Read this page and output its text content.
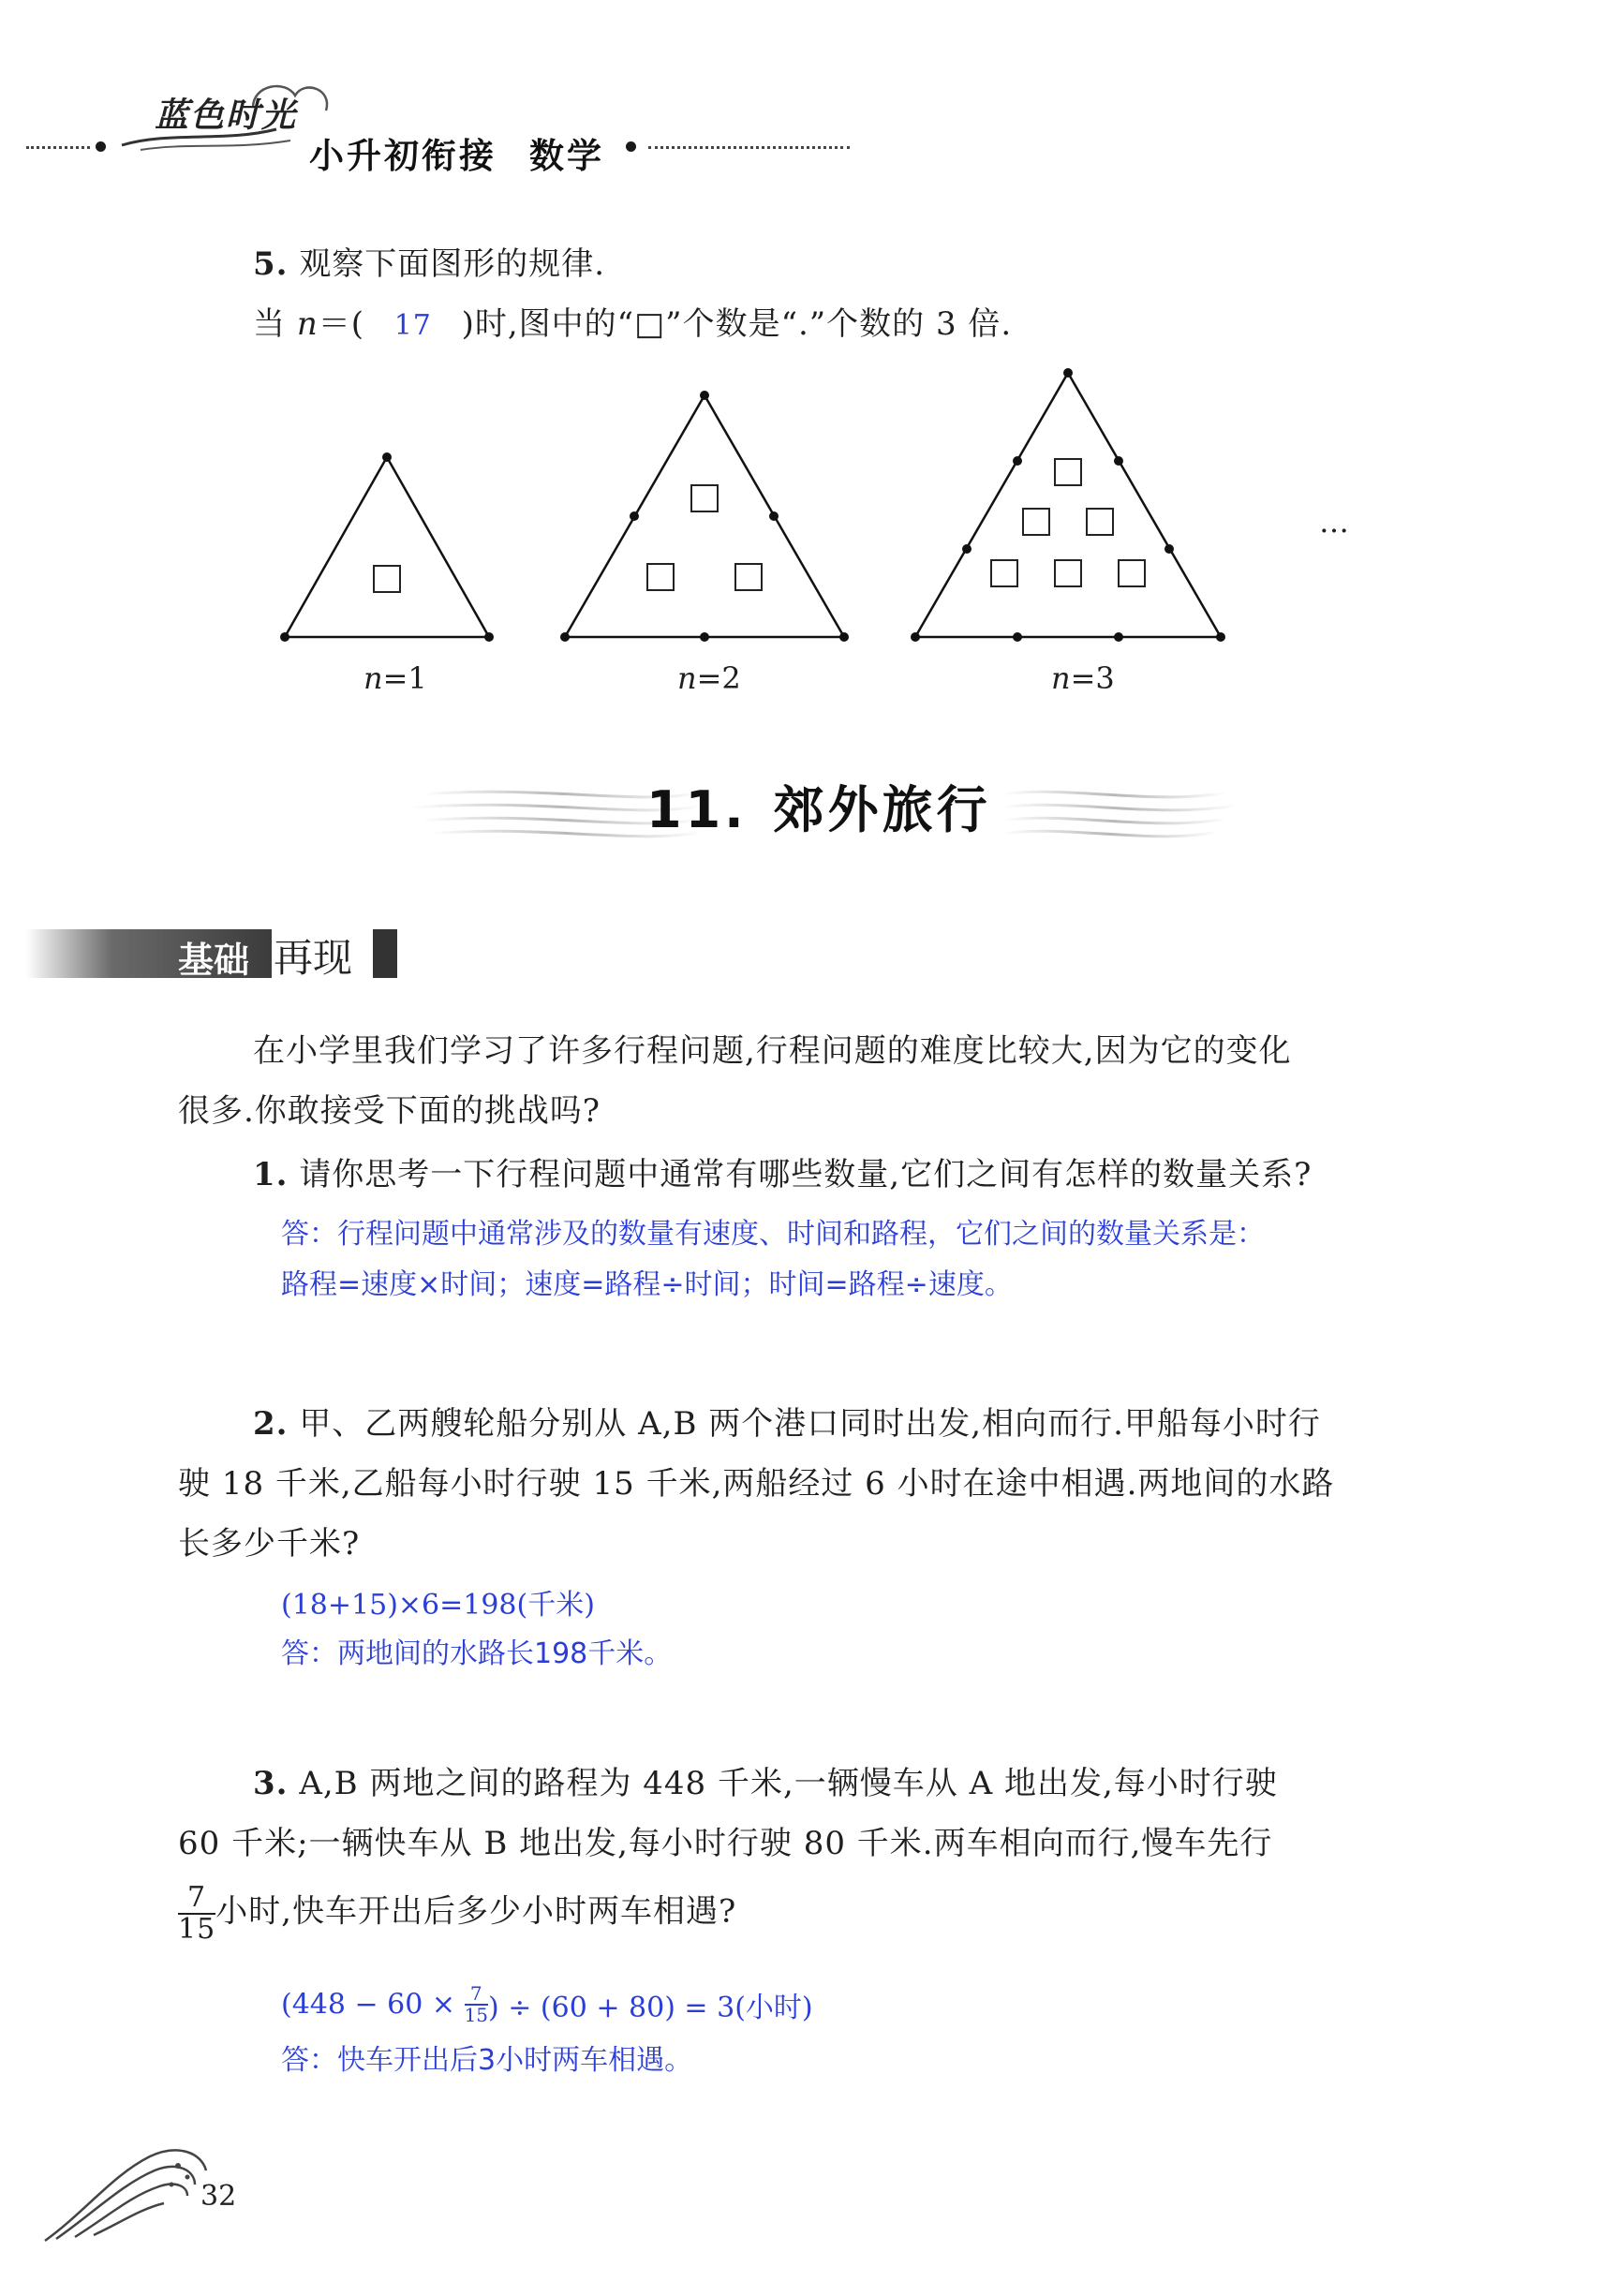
蓝色时光
小升初衔接 数学
5. 观察下面图形的规律.
当 n＝( 17 )时,图中的“□”个数是“.”个数的 3 倍.
n=1	n=2	n=3
…
11. 郊外旅行
基础 再现
在小学里我们学习了许多行程问题,行程问题的难度比较大,因为它的变化
很多.你敢接受下面的挑战吗?
1. 请你思考一下行程问题中通常有哪些数量,它们之间有怎样的数量关系?
答：行程问题中通常涉及的数量有速度、时间和路程，它们之间的数量关系是：
路程=速度×时间；速度=路程÷时间；时间=路程÷速度。
2. 甲、乙两艘轮船分别从 A,B 两个港口同时出发,相向而行.甲船每小时行
驶 18 千米,乙船每小时行驶 15 千米,两船经过 6 小时在途中相遇.两地间的水路
长多少千米?
(18+15)×6=198(千米)
答：两地间的水路长198千米。
3. A,B 两地之间的路程为 448 千米,一辆慢车从 A 地出发,每小时行驶
60 千米;一辆快车从 B 地出发,每小时行驶 80 千米.两车相向而行,慢车先行
$\frac{7}{15}$ 小时,快车开出后多少小时两车相遇?
($448 - 60 \times \frac{7}{15}$ ) ÷ (60 + 80) = 3(小时)
答：快车开出后3小时两车相遇。
32
